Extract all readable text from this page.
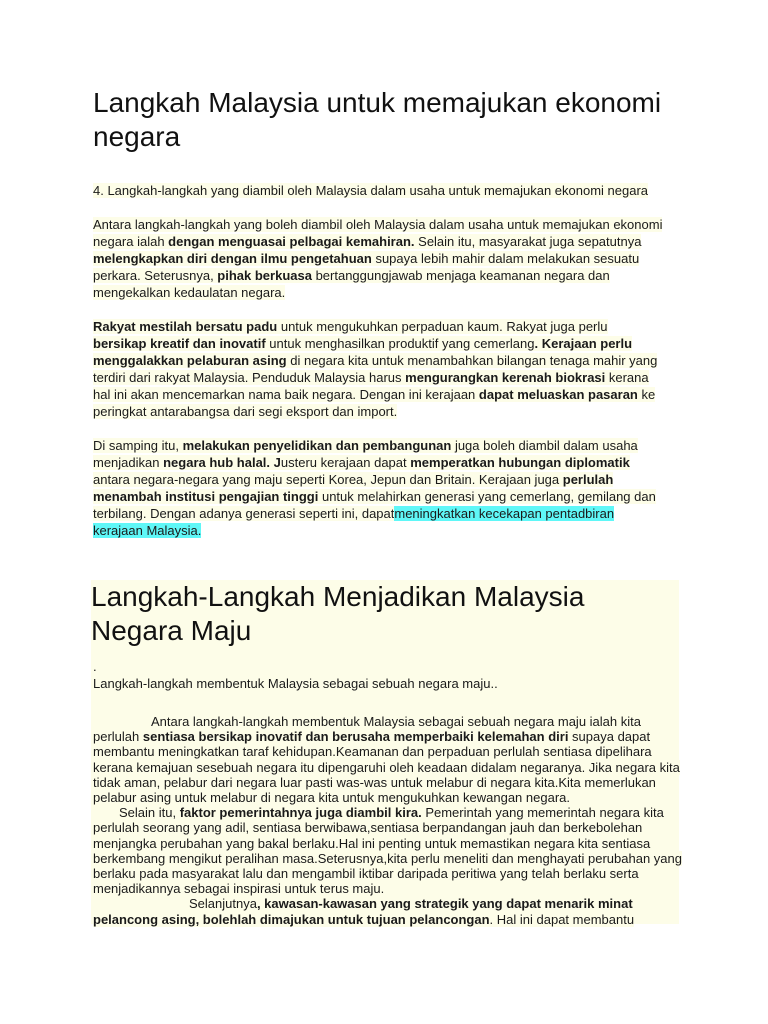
Langkah Malaysia untuk memajukan ekonomi negara

4. Langkah-langkah yang diambil oleh Malaysia dalam usaha untuk memajukan ekonomi negara

Antara langkah-langkah yang boleh diambil oleh Malaysia dalam usaha untuk memajukan ekonomi negara ialah dengan menguasai pelbagai kemahiran. Selain itu, masyarakat juga sepatutnya melengkapkan diri dengan ilmu pengetahuan supaya lebih mahir dalam melakukan sesuatu perkara. Seterusnya, pihak berkuasa bertanggungjawab menjaga keamanan negara dan mengekalkan kedaulatan negara.

Rakyat mestilah bersatu padu untuk mengukuhkan perpaduan kaum. Rakyat juga perlu bersikap kreatif dan inovatif untuk menghasilkan produktif yang cemerlang. Kerajaan perlu menggalakkan pelaburan asing di negara kita untuk menambahkan bilangan tenaga mahir yang terdiri dari rakyat Malaysia. Penduduk Malaysia harus mengurangkan kerenah biokrasi kerana hal ini akan mencemarkan nama baik negara. Dengan ini kerajaan dapat meluaskan pasaran ke peringkat antarabangsa dari segi eksport dan import.

Di samping itu, melakukan penyelidikan dan pembangunan juga boleh diambil dalam usaha menjadikan negara hub halal. Justeru kerajaan dapat memperatkan hubungan diplomatik antara negara-negara yang maju seperti Korea, Jepun dan Britain. Kerajaan juga perlulah menambah institusi pengajian tinggi untuk melahirkan generasi yang cemerlang, gemilang dan terbilang. Dengan adanya generasi seperti ini, dapatmeningkatkan kecekapan pentadbiran kerajaan Malaysia.

Langkah-Langkah Menjadikan Malaysia Negara Maju

.

Langkah-langkah membentuk Malaysia sebagai sebuah negara maju..

Antara langkah-langkah membentuk Malaysia sebagai sebuah negara maju ialah kita perlulah sentiasa bersikap inovatif dan berusaha memperbaiki kelemahan diri supaya dapat membantu meningkatkan taraf kehidupan.Keamanan dan perpaduan perlulah sentiasa dipelihara kerana kemajuan sesebuah negara itu dipengaruhi oleh keadaan didalam negaranya. Jika negara kita tidak aman, pelabur dari negara luar pasti was-was untuk melabur di negara kita.Kita memerlukan pelabur asing untuk melabur di negara kita untuk mengukuhkan kewangan negara.

Selain itu, faktor pemerintahnya juga diambil kira. Pemerintah yang memerintah negara kita perlulah seorang yang adil, sentiasa berwibawa,sentiasa berpandangan jauh dan berkebolehan menjangka perubahan yang bakal berlaku.Hal ini penting untuk memastikan negara kita sentiasa berkembang mengikut peralihan masa.Seterusnya,kita perlu meneliti dan menghayati perubahan yang berlaku pada masyarakat lalu dan mengambil iktibar daripada peritiwa yang telah berlaku serta menjadikannya sebagai inspirasi untuk terus maju.

Selanjutnya, kawasan-kawasan yang strategik yang dapat menarik minat pelancong asing, bolehlah dimajukan untuk tujuan pelancongan. Hal ini dapat membantu
